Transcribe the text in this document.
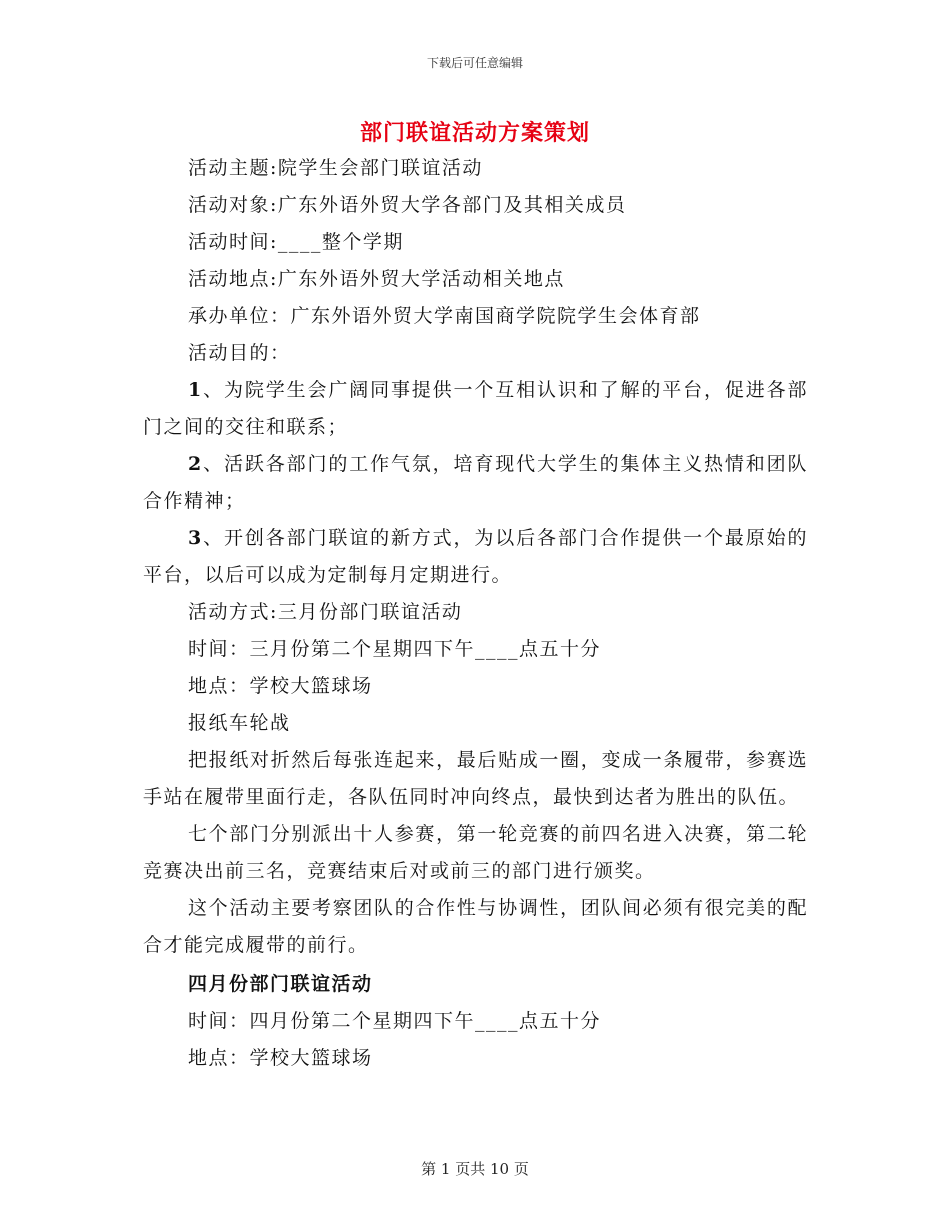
下载后可任意编辑
部门联谊活动方案策划

活动主题:院学生会部门联谊活动

活动对象:广东外语外贸大学各部门及其相关成员

活动时间:____整个学期

活动地点:广东外语外贸大学活动相关地点

承办单位：广东外语外贸大学南国商学院院学生会体育部

活动目的：

1、为院学生会广阔同事提供一个互相认识和了解的平台，促进各部门之间的交往和联系；

2、活跃各部门的工作气氛，培育现代大学生的集体主义热情和团队合作精神；

3、开创各部门联谊的新方式，为以后各部门合作提供一个最原始的平台，以后可以成为定制每月定期进行。

活动方式:三月份部门联谊活动

时间：三月份第二个星期四下午____点五十分

地点：学校大篮球场

报纸车轮战

把报纸对折然后每张连起来，最后贴成一圈，变成一条履带，参赛选手站在履带里面行走，各队伍同时冲向终点，最快到达者为胜出的队伍。

七个部门分别派出十人参赛，第一轮竞赛的前四名进入决赛，第二轮竞赛决出前三名，竞赛结束后对或前三的部门进行颁奖。

这个活动主要考察团队的合作性与协调性，团队间必须有很完美的配合才能完成履带的前行。

四月份部门联谊活动

时间：四月份第二个星期四下午____点五十分

地点：学校大篮球场

第 1 页共 10 页
